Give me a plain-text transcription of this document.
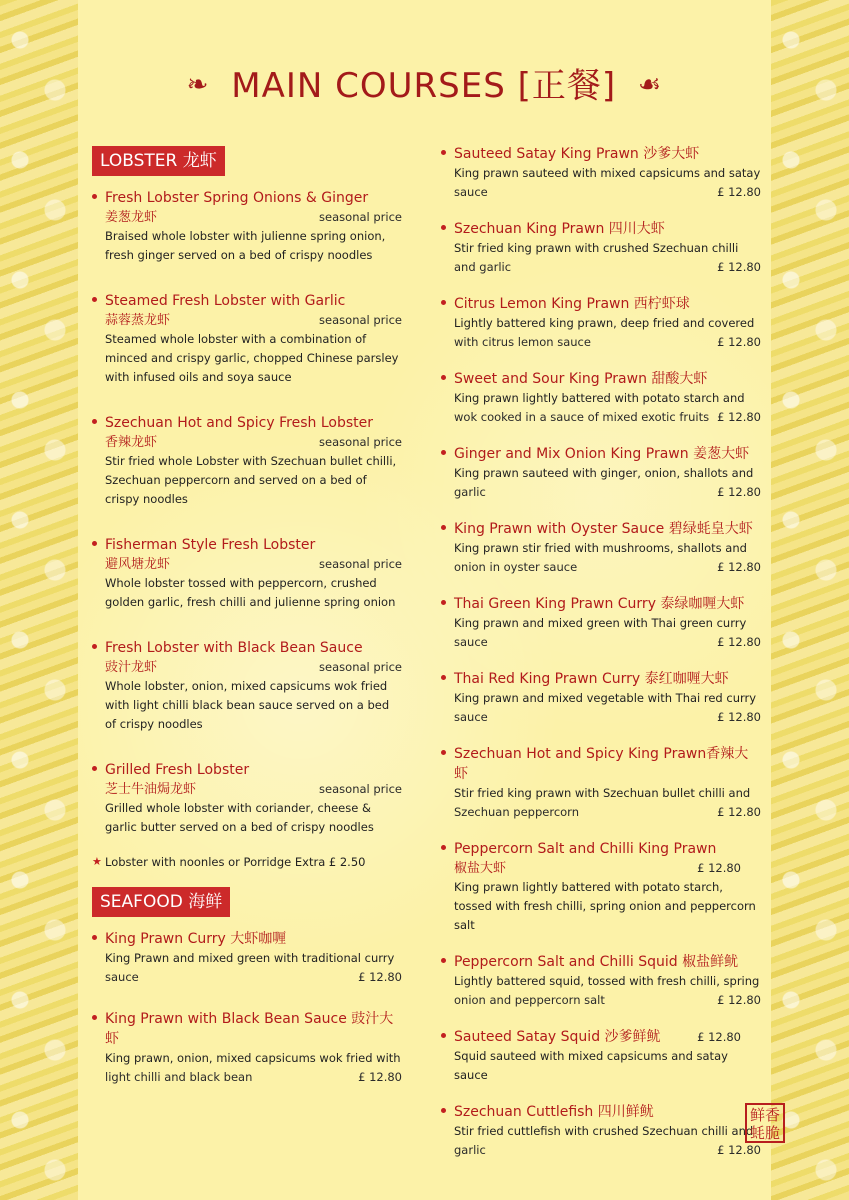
❧ MAIN COURSES [正餐] ☙
LOBSTER 龙虾
Fresh Lobster Spring Onions & Ginger
姜葱龙虾	seasonal price
Braised whole lobster with julienne spring onion, fresh ginger served on a bed of crispy noodles
Steamed Fresh Lobster with Garlic
蒜蓉蒸龙虾	seasonal price
Steamed whole lobster with a combination of minced and crispy garlic, chopped Chinese parsley with infused oils and soya sauce
Szechuan Hot and Spicy Fresh Lobster
香辣龙虾	seasonal price
Stir fried whole Lobster with Szechuan bullet chilli, Szechuan peppercorn and served on a bed of crispy noodles
Fisherman Style Fresh Lobster
避风塘龙虾	seasonal price
Whole lobster tossed with peppercorn, crushed golden garlic, fresh chilli and julienne spring onion
Fresh Lobster with Black Bean Sauce
豉汁龙虾	seasonal price
Whole lobster, onion, mixed capsicums wok fried with light chilli black bean sauce served on a bed of crispy noodles
Grilled Fresh Lobster
芝士牛油焗龙虾	seasonal price
Grilled whole lobster with coriander, cheese & garlic butter served on a bed of crispy noodles
★ Lobster with noonles or Porridge Extra £ 2.50
SEAFOOD 海鲜
King Prawn Curry 大虾咖喱
King Prawn and mixed green with traditional curry
sauce	£ 12.80
King Prawn with Black Bean Sauce 豉汁大虾
King prawn, onion, mixed capsicums wok fried with
light chilli and black bean	£ 12.80
Sauteed Satay King Prawn 沙爹大虾
King prawn sauteed with mixed capsicums and satay
sauce	£ 12.80
Szechuan King Prawn 四川大虾
Stir fried king prawn with crushed Szechuan chilli
and garlic	£ 12.80
Citrus Lemon King Prawn 西柠虾球
Lightly battered king prawn, deep fried and covered
with citrus lemon sauce	£ 12.80
Sweet and Sour King Prawn 甜酸大虾
King prawn lightly battered with potato starch and
wok cooked in a sauce of mixed exotic fruits £ 12.80
Ginger and Mix Onion King Prawn 姜葱大虾
King prawn sauteed with ginger, onion, shallots and
garlic	£ 12.80
King Prawn with Oyster Sauce 碧绿蚝皇大虾
King prawn stir fried with mushrooms, shallots and
onion in oyster sauce	£ 12.80
Thai Green King Prawn Curry 泰绿咖喱大虾
King prawn and mixed green with Thai green curry
sauce	£ 12.80
Thai Red King Prawn Curry 泰红咖喱大虾
King prawn and mixed vegetable with Thai red curry
sauce	£ 12.80
Szechuan Hot and Spicy King Prawn香辣大虾
Stir fried king prawn with Szechuan bullet chilli and
Szechuan peppercorn	£ 12.80
Peppercorn Salt and Chilli King Prawn
椒盐大虾	£ 12.80
King prawn lightly battered with potato starch, tossed with fresh chilli, spring onion and peppercorn salt
Peppercorn Salt and Chilli Squid 椒盐鲜鱿
Lightly battered squid, tossed with fresh chilli, spring
onion and peppercorn salt	£ 12.80
Sauteed Satay Squid 沙爹鲜鱿	£ 12.80
Squid sauteed with mixed capsicums and satay sauce
Szechuan Cuttlefish 四川鲜鱿
Stir fried cuttlefish with crushed Szechuan chilli and
garlic	£ 12.80
鲜香 蚝脆
